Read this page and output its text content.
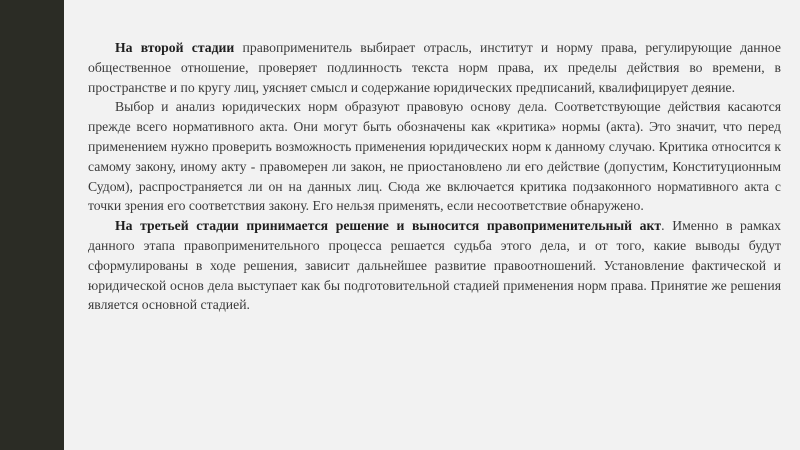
На второй стадии правоприменитель выбирает отрасль, институт и норму права, регулирующие данное общественное отношение, проверяет подлинность текста норм права, их пределы действия во времени, в пространстве и по кругу лиц, уясняет смысл и содержание юридических предписаний, квалифицирует деяние.

Выбор и анализ юридических норм образуют правовую основу дела. Соответствующие действия касаются прежде всего нормативного акта. Они могут быть обозначены как «критика» нормы (акта). Это значит, что перед применением нужно проверить возможность применения юридических норм к данному случаю. Критика относится к самому закону, иному акту - правомерен ли закон, не приостановлено ли его действие (допустим, Конституционным Судом), распространяется ли он на данных лиц. Сюда же включается критика подзаконного нормативного акта с точки зрения его соответствия закону. Его нельзя применять, если несоответствие обнаружено.

На третьей стадии принимается решение и выносится правоприменительный акт. Именно в рамках данного этапа правоприменительного процесса решается судьба этого дела, и от того, какие выводы будут сформулированы в ходе решения, зависит дальнейшее развитие правоотношений. Установление фактической и юридической основ дела выступает как бы подготовительной стадией применения норм права. Принятие же решения является основной стадией.
